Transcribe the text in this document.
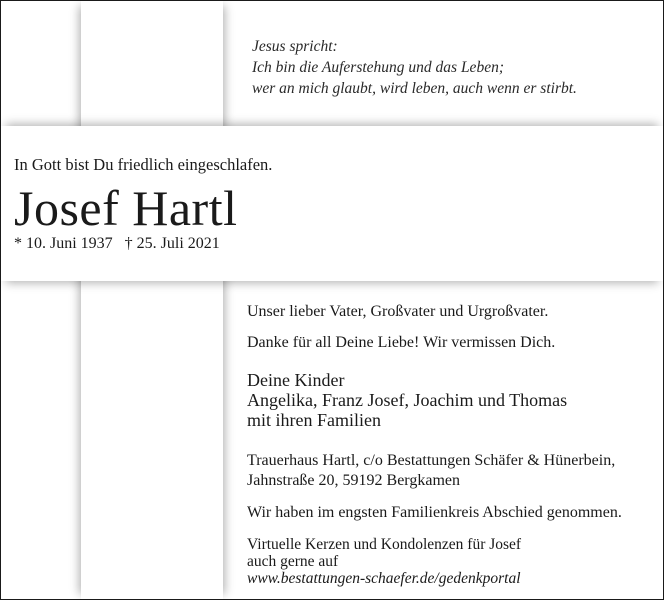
Jesus spricht:
Ich bin die Auferstehung und das Leben;
wer an mich glaubt, wird leben, auch wenn er stirbt.
In Gott bist Du friedlich eingeschlafen.
Josef Hartl
* 10. Juni 1937 † 25. Juli 2021
Unser lieber Vater, Großvater und Urgroßvater.
Danke für all Deine Liebe! Wir vermissen Dich.
Deine Kinder
Angelika, Franz Josef, Joachim und Thomas
mit ihren Familien
Trauerhaus Hartl, c/o Bestattungen Schäfer & Hünerbein,
Jahnstraße 20, 59192 Bergkamen
Wir haben im engsten Familienkreis Abschied genommen.
Virtuelle Kerzen und Kondolenzen für Josef
auch gerne auf
www.bestattungen-schaefer.de/gedenkportal
